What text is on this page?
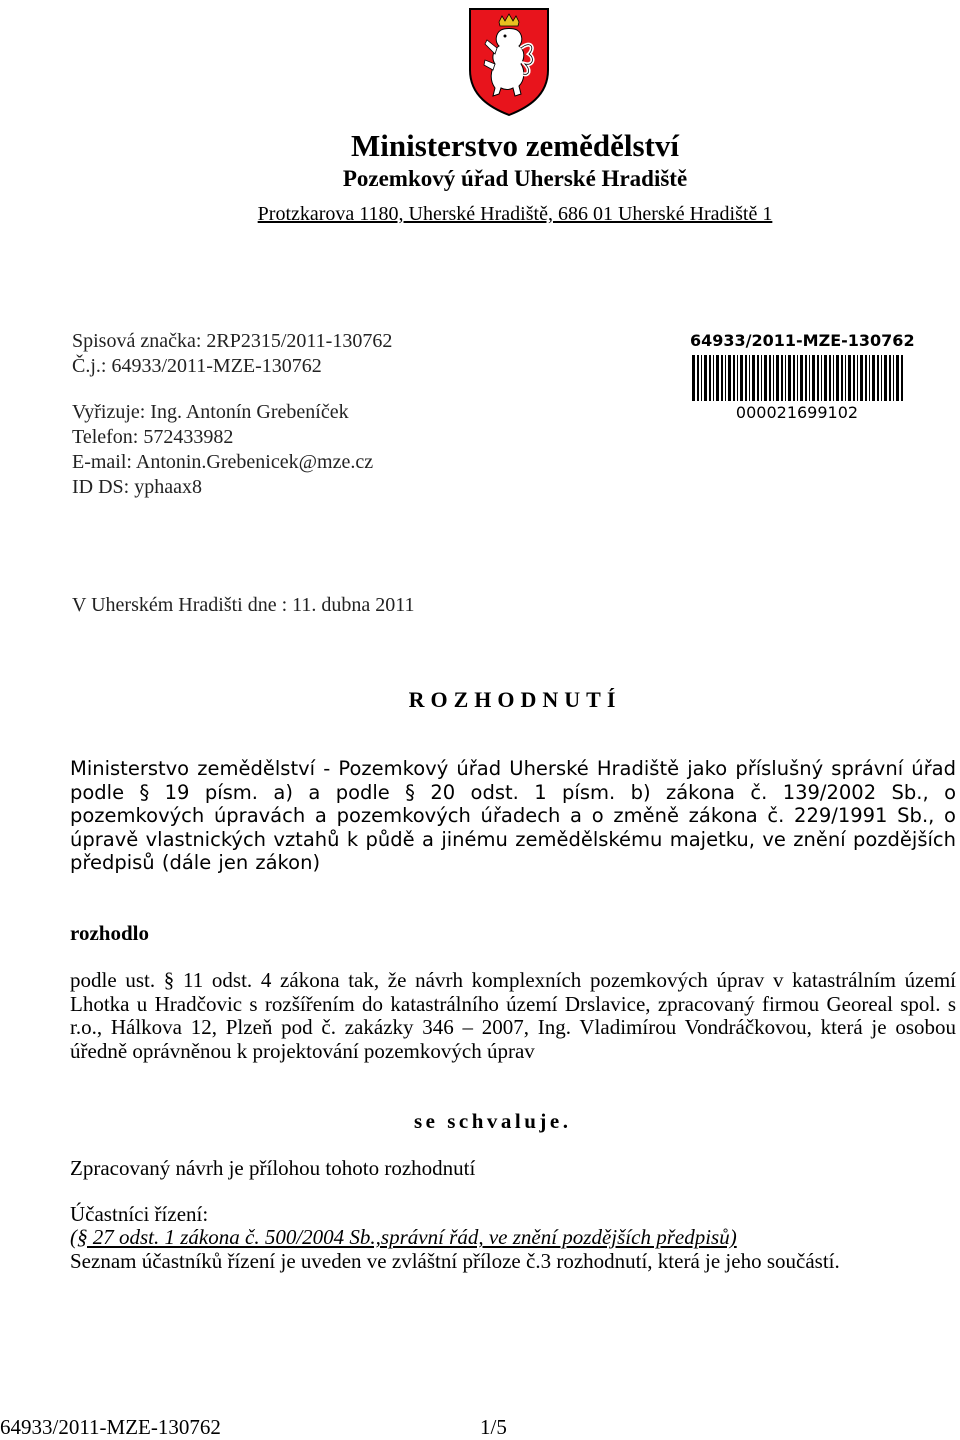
Ministerstvo zemědělství
Pozemkový úřad Uherské Hradiště
Protzkarova 1180, Uherské Hradiště, 686 01 Uherské Hradiště 1
Spisová značka: 2RP2315/2011-130762
Č.j.: 64933/2011-MZE-130762
Vyřizuje: Ing. Antonín Grebeníček
Telefon: 572433982
E-mail: Antonin.Grebenicek@mze.cz
ID DS: yphaax8
64933/2011-MZE-130762
000021699102
V Uherském Hradišti dne : 11. dubna 2011
ROZHODNUTÍ
Ministerstvo zemědělství - Pozemkový úřad Uherské Hradiště jako příslušný správní úřad podle § 19 písm. a) a podle § 20 odst. 1 písm. b) zákona č. 139/2002 Sb., o pozemkových úpravách a pozemkových úřadech a o změně zákona č. 229/1991 Sb., o úpravě vlastnických vztahů k půdě a jinému zemědělskému majetku, ve znění pozdějších předpisů (dále jen zákon)
rozhodlo
podle ust. § 11 odst. 4 zákona tak, že návrh komplexních pozemkových úprav v katastrálním území Lhotka u Hradčovic s rozšířením do katastrálního území Drslavice, zpracovaný firmou Georeal spol. s r.o., Hálkova 12, Plzeň pod č. zakázky 346 – 2007, Ing. Vladimírou Vondráčkovou, která je osobou úředně oprávněnou k projektování pozemkových úprav
se schvaluje.
Zpracovaný návrh je přílohou tohoto rozhodnutí
Účastníci řízení:
(§ 27 odst. 1 zákona č. 500/2004 Sb.,správní řád, ve znění pozdějších předpisů)
Seznam účastníků řízení je uveden ve zvláštní příloze č.3 rozhodnutí, která je jeho součástí.
64933/2011-MZE-130762	1/5
